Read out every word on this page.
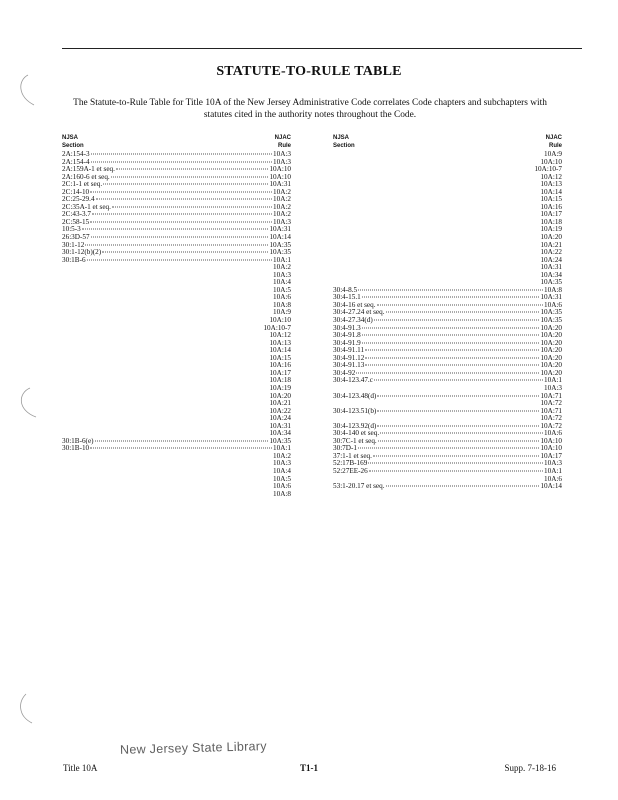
STATUTE-TO-RULE TABLE
The Statute-to-Rule Table for Title 10A of the New Jersey Administrative Code correlates Code chapters and subchapters with statutes cited in the authority notes throughout the Code.
NJSA
Section
NJAC
Rule
2A:154-3	10A:3
2A:154-4	10A:3
2A:159A-1 et seq.	10A:10
2A:160-6 et seq.	10A:10
2C:1-1 et seq.	10A:31
2C:14-10	10A:2
2C:25-29.4	10A:2
2C:35A-1 et seq.	10A:2
2C:43-3.7	10A:2
2C:58-15	10A:3
10:5-3	10A:31
26:3D-57	10A:14
30:1-12	10A:35
30:1-12(b)(2)	10A:35
30:1B-6	10A:1
10A:2
10A:3
10A:4
10A:5
10A:6
10A:8
10A:9
10A:10
10A:10-7
10A:12
10A:13
10A:14
10A:15
10A:16
10A:17
10A:18
10A:19
10A:20
10A:21
10A:22
10A:24
10A:31
10A:34
30:1B-6(e)	10A:35
30:1B-10	10A:1
10A:2
10A:3
10A:4
10A:5
10A:6
10A:8
NJSA
Section
NJAC
Rule
10A:9
10A:10
10A:10-7
10A:12
10A:13
10A:14
10A:15
10A:16
10A:17
10A:18
10A:19
10A:20
10A:21
10A:22
10A:24
10A:31
10A:34
10A:35
30:4-8.5	10A:8
30:4-15.1	10A:31
30:4-16 et seq.	10A:6
30:4-27.24 et seq.	10A:35
30:4-27.34(d)	10A:35
30:4-91.3	10A:20
30:4-91.8	10A:20
30:4-91.9	10A:20
30:4-91.11	10A:20
30:4-91.12	10A:20
30:4-91.13	10A:20
30:4-92	10A:20
30:4-123.47.c	10A:1
10A:3
30:4-123.48(d)	10A:71
10A:72
30:4-123.51(b)	10A:71
10A:72
30:4-123.92(d)	10A:72
30:4-140 et seq.	10A:6
30:7C-1 et seq.	10A:10
30:7D-1	10A:10
37:1-1 et seq.	10A:17
52:17B-169	10A:3
52:27EE-26	10A:1
10A:6
53:1-20.17 et seq.	10A:14
New Jersey State Library
Title 10A	T1-1	Supp. 7-18-16
